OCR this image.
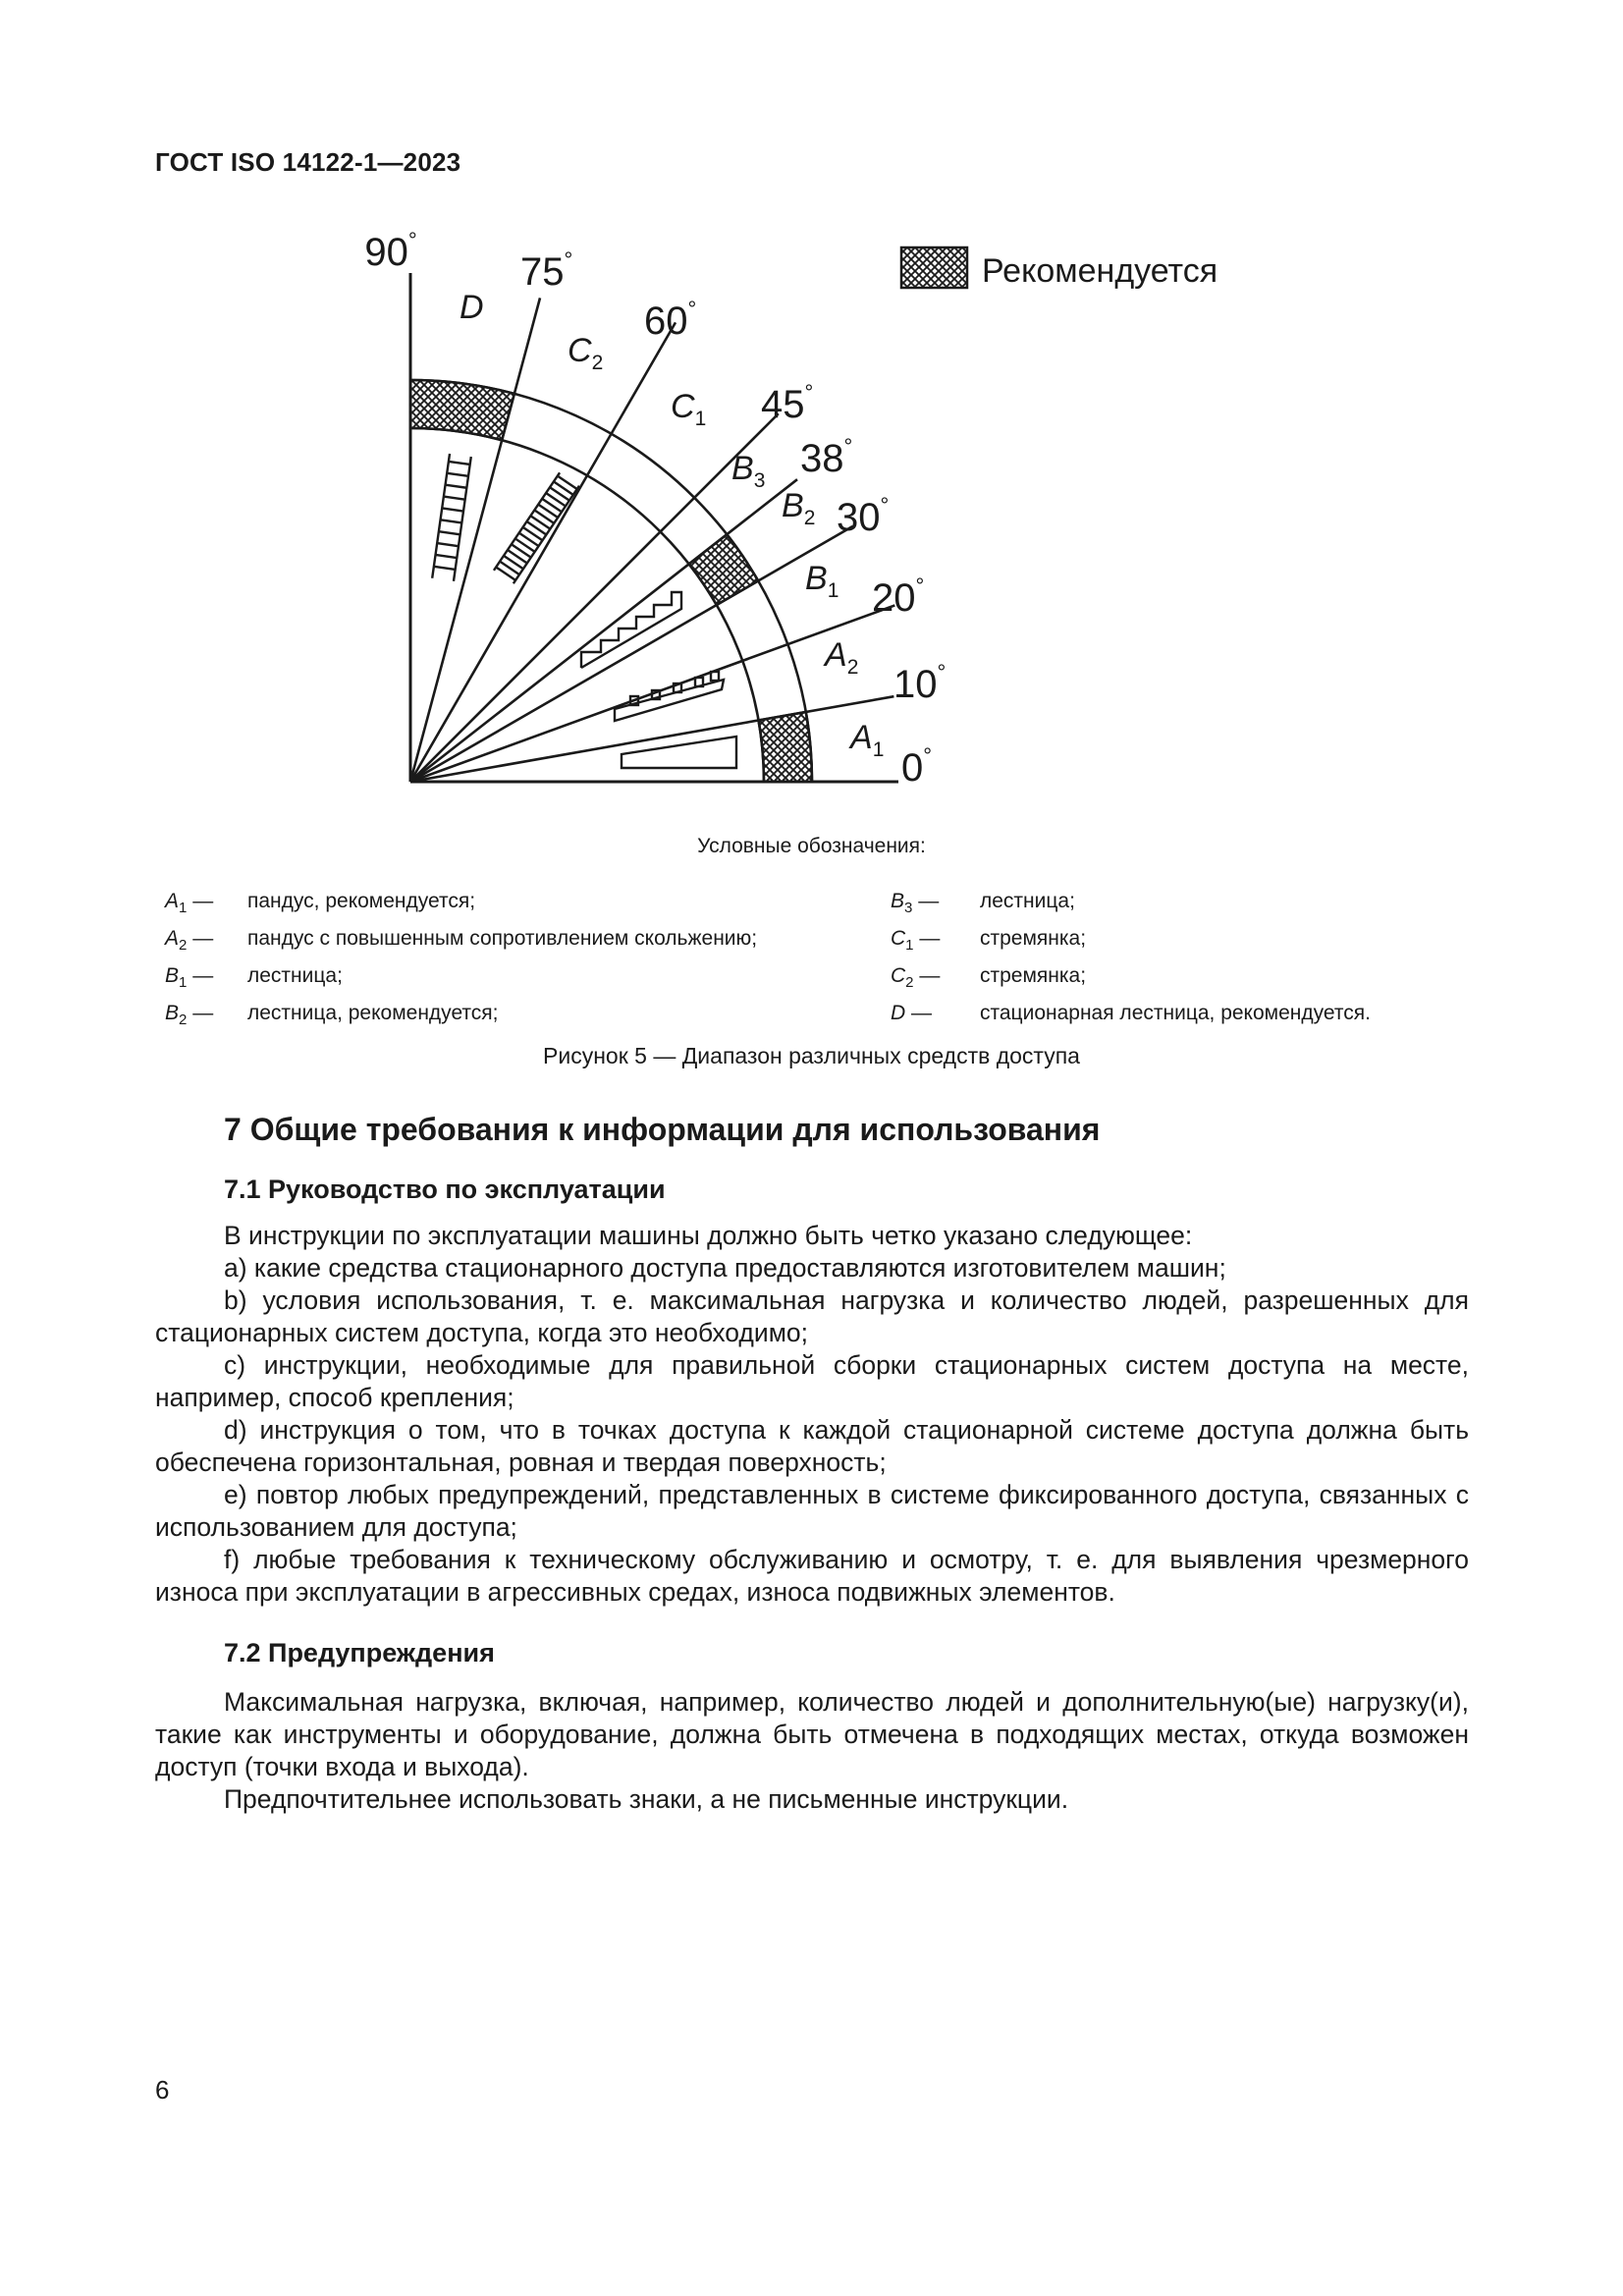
ГОСТ ISO 14122-1—2023
0°
10°
20°
30°
38°
45°
60°
75°
90°
$A_1$
$A_2$
$B_1$
$B_2$
$B_3$
$C_1$
$C_2$
D
Рекомендуется
Условные обозначения:
$A_1$ — пандус, рекомендуется;
$A_2$ — пандус с повышенным сопротивлением скольжению;
$B_1$ — лестница;
$B_2$ — лестница, рекомендуется;
$B_3$ — лестница;
$C_1$ — стремянка;
$C_2$ — стремянка;
D — стационарная лестница, рекомендуется.
Рисунок 5 — Диапазон различных средств доступа
7 Общие требования к информации для использования
7.1 Руководство по эксплуатации

В инструкции по эксплуатации машины должно быть четко указано следующее:

a) какие средства стационарного доступа предоставляются изготовителем машин;

b) условия использования, т. е. максимальная нагрузка и количество людей, разрешенных для стационарных систем доступа, когда это необходимо;

c) инструкции, необходимые для правильной сборки стационарных систем доступа на месте, например, способ крепления;

d) инструкция о том, что в точках доступа к каждой стационарной системе доступа должна быть обеспечена горизонтальная, ровная и твердая поверхность;

e) повтор любых предупреждений, представленных в системе фиксированного доступа, связанных с использованием для доступа;

f) любые требования к техническому обслуживанию и осмотру, т. е. для выявления чрезмерного износа при эксплуатации в агрессивных средах, износа подвижных элементов.

7.2 Предупреждения

Максимальная нагрузка, включая, например, количество людей и дополнительную(ые) нагрузку(и), такие как инструменты и оборудование, должна быть отмечена в подходящих местах, откуда возможен доступ (точки входа и выхода).

Предпочтительнее использовать знаки, а не письменные инструкции.

6
